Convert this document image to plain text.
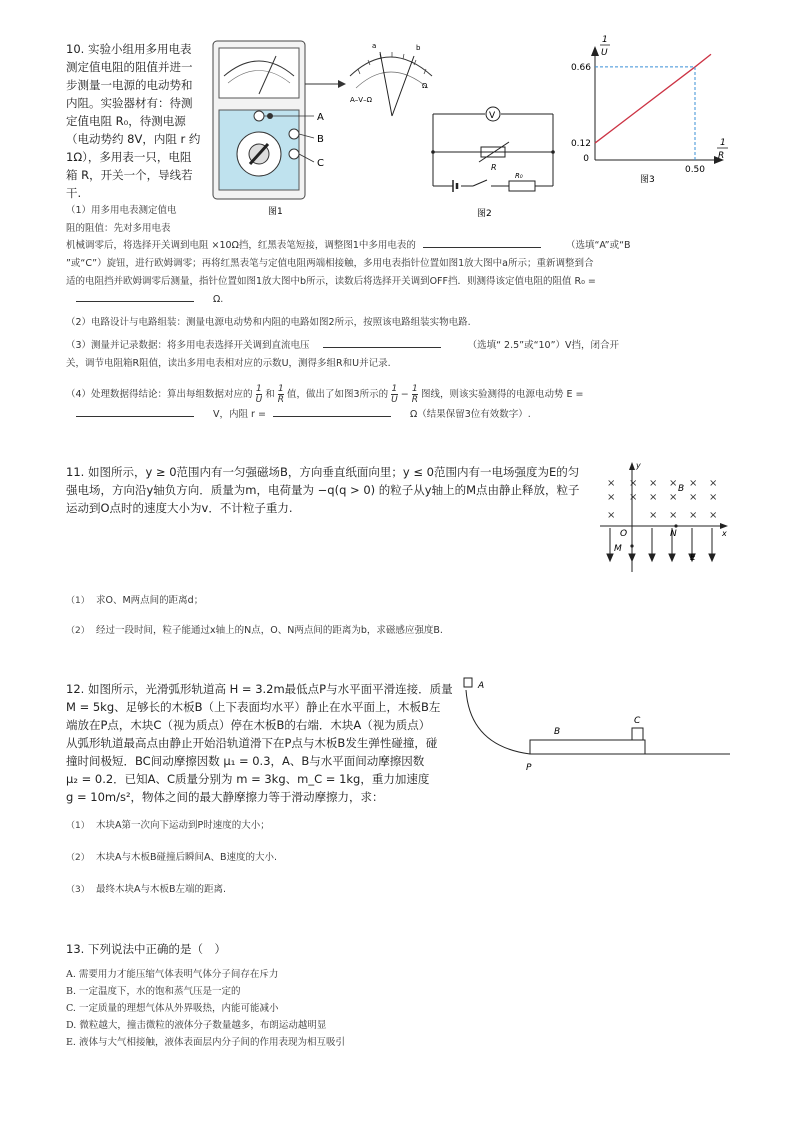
10. 实验小组用多用电表
测定值电阻的阻值并进一
步测量一电源的电动势和
内阻。实验器材有：待测
定值电阻 R₀，待测电源
（电动势约 8V，内阻 r 约
1Ω），多用表一只，电阻
箱 R，开关一个，导线若
干.
A
B
C
a	b
A–V–Ω
Ω
图1
V
R
R₀
图2
0.12
0.66
0.50
1
U
1
R
0
图3
（1）用多用电表测定值电
阻的阻值：先对多用电表
机械调零后，将选择开关调到电阻 ×10Ω挡，红黑表笔短接，调整图1中多用电表的	（选填“A”或“B
”或“C”）旋钮，进行欧姆调零；再将红黑表笔与定值电阻两端相接触，多用电表指针位置如图1放大图中a所示；重新调整到合
适的电阻挡并欧姆调零后测量，指针位置如图1放大图中b所示，读数后将选择开关调到OFF挡．则测得该定值电阻的阻值 R₀ =
Ω.
（2）电路设计与电路组装：测量电源电动势和内阻的电路如图2所示，按照该电路组装实物电路.
（3）测量并记录数据：将多用电表选择开关调到直流电压	（选填“ 2.5”或“10”）V挡，闭合开
关，调节电阻箱R阻值，读出多用电表相对应的示数U，测得多组R和U并记录.
（4）处理数据得结论：算出每组数据对应的 1

U 和 1

R 值，做出了如图3所示的 1

U − 1

R 图线，则该实验测得的电源电动势 E =
V，内阻 r =	Ω（结果保留3位有效数字）.
11. 如图所示，y ≥ 0范围内有一匀强磁场B，方向垂直纸面向里；y ≤ 0范围内有一电场强度为E的匀
强电场，方向沿y轴负方向．质量为m，电荷量为 −q(q > 0) 的粒子从y轴上的M点由静止释放，粒子
运动到O点时的速度大小为v．不计粒子重力.
× × × × × ×
× × × × × ×
×	× × × ×
y
x
B
O	N
M
E
（1） 求O、M两点间的距离d；
（2） 经过一段时间，粒子能通过x轴上的N点，O、N两点间的距离为b，求磁感应强度B.
12. 如图所示，光滑弧形轨道高 H = 3.2m最低点P与水平面平滑连接．质量
M = 5kg、足够长的木板B（上下表面均水平）静止在水平面上，木板B左
端放在P点，木块C（视为质点）停在木板B的右端．木块A（视为质点）
从弧形轨道最高点由静止开始沿轨道滑下在P点与木板B发生弹性碰撞，碰
撞时间极短．BC间动摩擦因数 μ₁ = 0.3，A、B与水平面间动摩擦因数
μ₂ = 0.2．已知A、C质量分别为 m = 3kg、m_C = 1kg，重力加速度
g = 10m/s²，物体之间的最大静摩擦力等于滑动摩擦力，求：
A
B
C
P
（1） 木块A第一次向下运动到P时速度的大小；
（2） 木块A与木板B碰撞后瞬间A、B速度的大小.
（3） 最终木块A与木板B左端的距离.
13. 下列说法中正确的是（　）
A. 需要用力才能压缩气体表明气体分子间存在斥力
B. 一定温度下，水的饱和蒸气压是一定的
C. 一定质量的理想气体从外界吸热，内能可能减小
D. 微粒越大，撞击微粒的液体分子数量越多，布朗运动越明显
E. 液体与大气相接触，液体表面层内分子间的作用表现为相互吸引
